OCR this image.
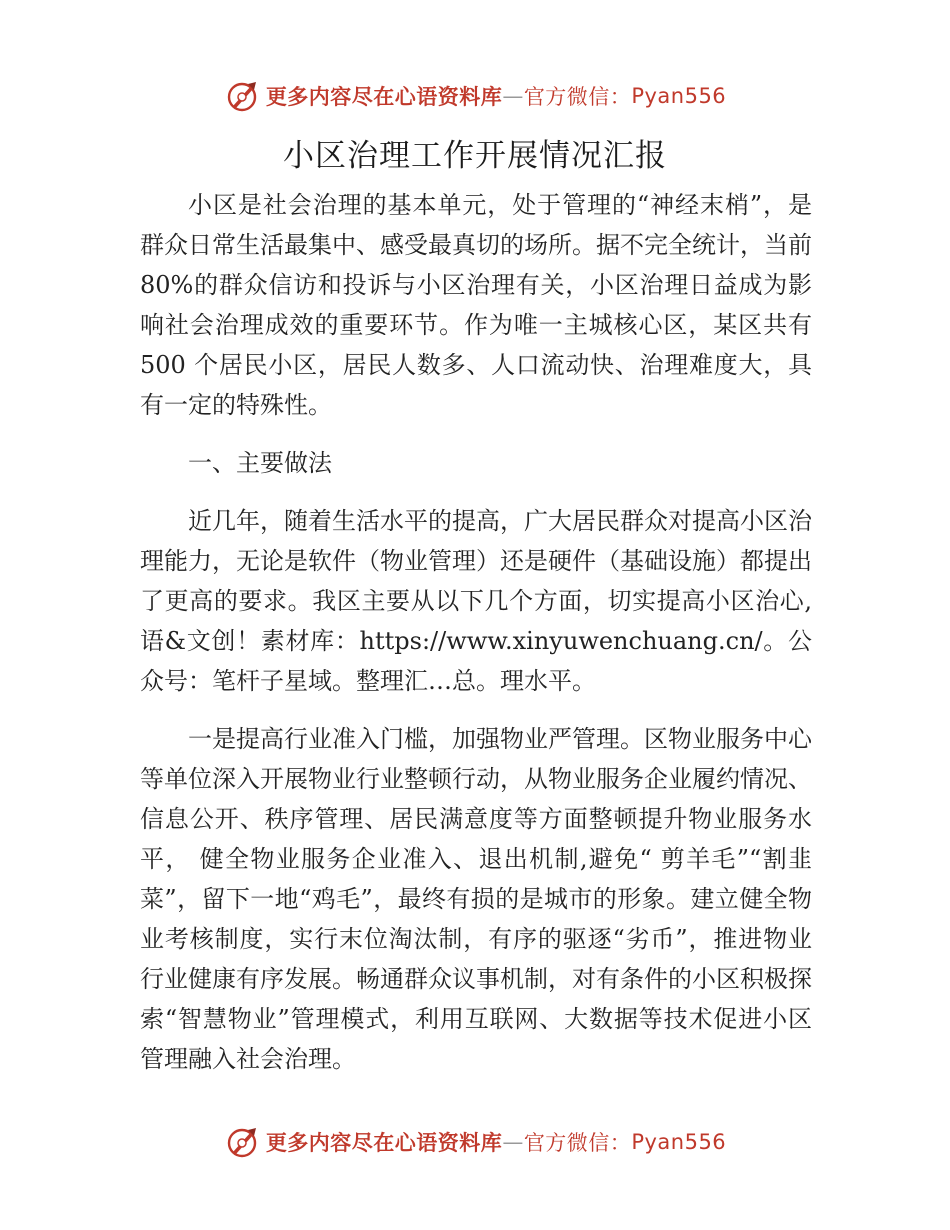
更多内容尽在心语资料库 — 官方微信： Pyan556
小区治理工作开展情况汇报

小区是社会治理的基本单元，处于管理的“神经末梢”，是群众日常生活最集中、感受最真切的场所。据不完全统计，当前 80%的群众信访和投诉与小区治理有关，小区治理日益成为影响社会治理成效的重要环节。作为唯一主城核心区，某区共有 500 个居民小区，居民人数多、人口流动快、治理难度大，具有一定的特殊性。

一、主要做法

近几年，随着生活水平的提高，广大居民群众对提高小区治理能力，无论是软件（物业管理）还是硬件（基础设施）都提出了更高的要求。我区主要从以下几个方面，切实提高小区治心,语&文创！素材库：https://www.xinyuwenchuang.cn/。公众号：笔杆子星域。整理汇…总。理水平。

一是提高行业准入门槛，加强物业严管理。区物业服务中心等单位深入开展物业行业整顿行动，从物业服务企业履约情况、信息公开、秩序管理、居民满意度等方面整顿提升物业服务水平， 健全物业服务企业准入、退出机制,避免“ 剪羊毛”“割韭菜”，留下一地“鸡毛”，最终有损的是城市的形象。建立健全物业考核制度，实行末位淘汰制，有序的驱逐“劣币”，推进物业行业健康有序发展。畅通群众议事机制，对有条件的小区积极探索“智慧物业”管理模式，利用互联网、大数据等技术促进小区管理融入社会治理。

更多内容尽在心语资料库 — 官方微信： Pyan556
